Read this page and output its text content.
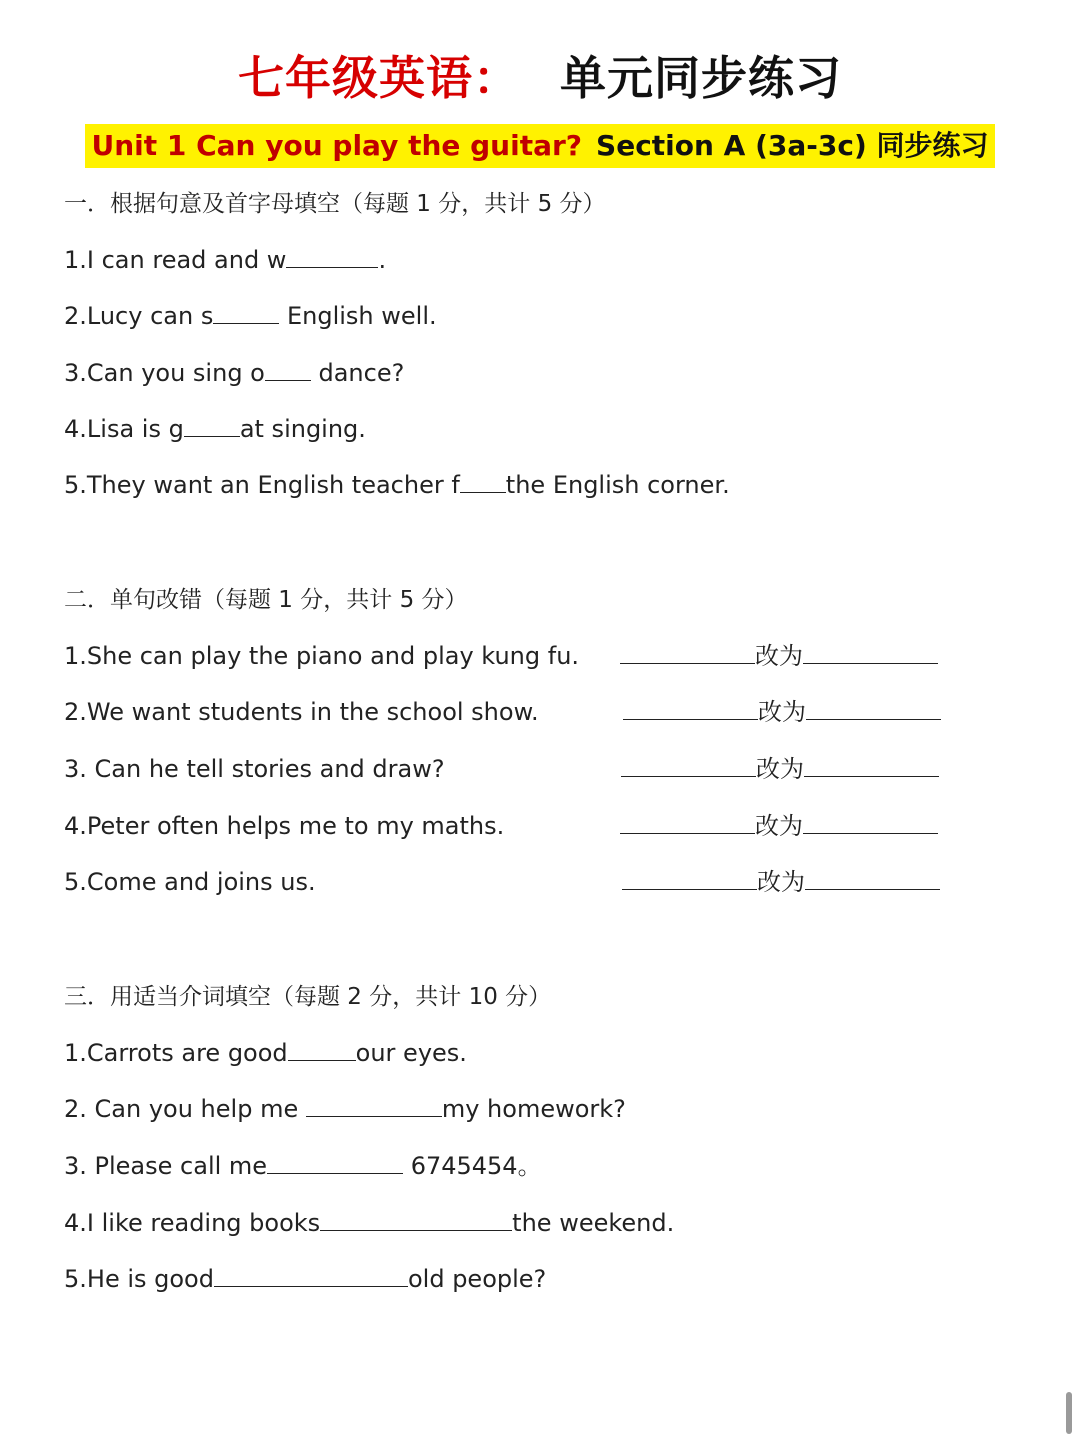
七年级英语： 单元同步练习
Unit 1 Can you play the guitar? Section A (3a-3c) 同步练习
一．根据句意及首字母填空（每题 1 分，共计 5 分）
1.I can read and w	.
2.Lucy can s	English well.
3.Can you sing o dance?
4.Lisa is g at singing.
5.They want an English teacher f the English corner.
二．单句改错（每题 1 分，共计 5 分）
1.She can play the piano and play kung fu.	改为
2.We want students in the school show.	改为
3. Can he tell stories and draw?	改为
4.Peter often helps me to my maths.	改为
5.Come and joins us.	改为
三．用适当介词填空（每题 2 分，共计 10 分）
1.Carrots are good	our eyes.
2. Can you help me	my homework?
3. Please call me	6745454。
4.I like reading books	the weekend.
5.He is good	old people?
